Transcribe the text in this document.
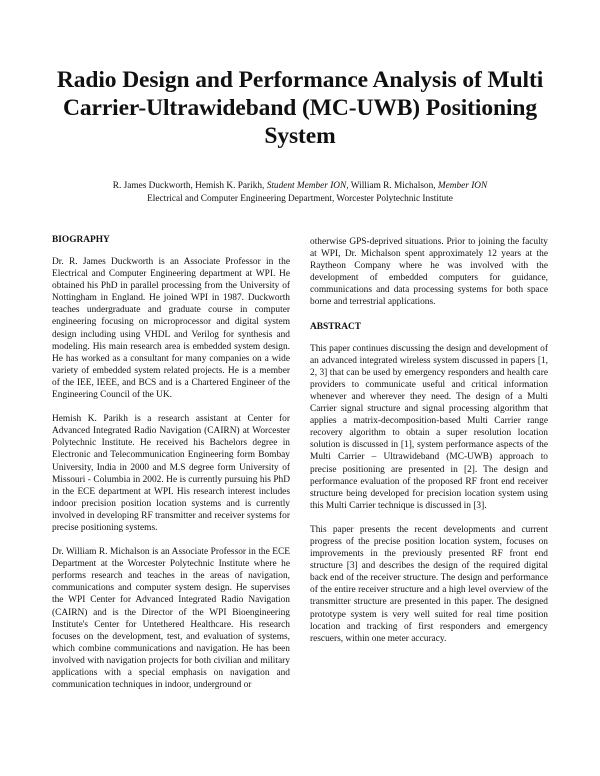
Radio Design and Performance Analysis of Multi
Carrier-Ultrawideband (MC-UWB) Positioning
System
R. James Duckworth, Hemish K. Parikh, Student Member ION, William R. Michalson, Member ION
Electrical and Computer Engineering Department, Worcester Polytechnic Institute
BIOGRAPHY

Dr. R. James Duckworth is an Associate Professor in the Electrical and Computer Engineering department at WPI. He obtained his PhD in parallel processing from the University of Nottingham in England. He joined WPI in 1987. Duckworth teaches undergraduate and graduate course in computer engineering focusing on microprocessor and digital system design including using VHDL and Verilog for synthesis and modeling. His main research area is embedded system design. He has worked as a consultant for many companies on a wide variety of embedded system related projects. He is a member of the IEE, IEEE, and BCS and is a Chartered Engineer of the Engineering Council of the UK.

Hemish K. Parikh is a research assistant at Center for Advanced Integrated Radio Navigation (CAIRN) at Worcester Polytechnic Institute. He received his Bachelors degree in Electronic and Telecommunication Engineering form Bombay University, India in 2000 and M.S degree form University of Missouri - Columbia in 2002. He is currently pursuing his PhD in the ECE department at WPI. His research interest includes indoor precision position location systems and is currently involved in developing RF transmitter and receiver systems for precise positioning systems.

Dr. William R. Michalson is an Associate Professor in the ECE Department at the Worcester Polytechnic Institute where he performs research and teaches in the areas of navigation, communications and computer system design. He supervises the WPI Center for Advanced Integrated Radio Navigation (CAIRN) and is the Director of the WPI Bioengineering Institute's Center for Untethered Healthcare. His research focuses on the development, test, and evaluation of systems, which combine communications and navigation. He has been involved with navigation projects for both civilian and military applications with a special emphasis on navigation and communication techniques in indoor, underground or

otherwise GPS-deprived situations. Prior to joining the faculty at WPI, Dr. Michalson spent approximately 12 years at the Raytheon Company where he was involved with the development of embedded computers for guidance, communications and data processing systems for both space borne and terrestrial applications.

ABSTRACT

This paper continues discussing the design and development of an advanced integrated wireless system discussed in papers [1, 2, 3] that can be used by emergency responders and health care providers to communicate useful and critical information whenever and wherever they need. The design of a Multi Carrier signal structure and signal processing algorithm that applies a matrix-decomposition-based Multi Carrier range recovery algorithm to obtain a super resolution location solution is discussed in [1], system performance aspects of the Multi Carrier – Ultrawideband (MC-UWB) approach to precise positioning are presented in [2]. The design and performance evaluation of the proposed RF front end receiver structure being developed for precision location system using this Multi Carrier technique is discussed in [3].

This paper presents the recent developments and current progress of the precise position location system, focuses on improvements in the previously presented RF front end structure [3] and describes the design of the required digital back end of the receiver structure. The design and performance of the entire receiver structure and a high level overview of the transmitter structure are presented in this paper. The designed prototype system is very well suited for real time position location and tracking of first responders and emergency rescuers, within one meter accuracy.
